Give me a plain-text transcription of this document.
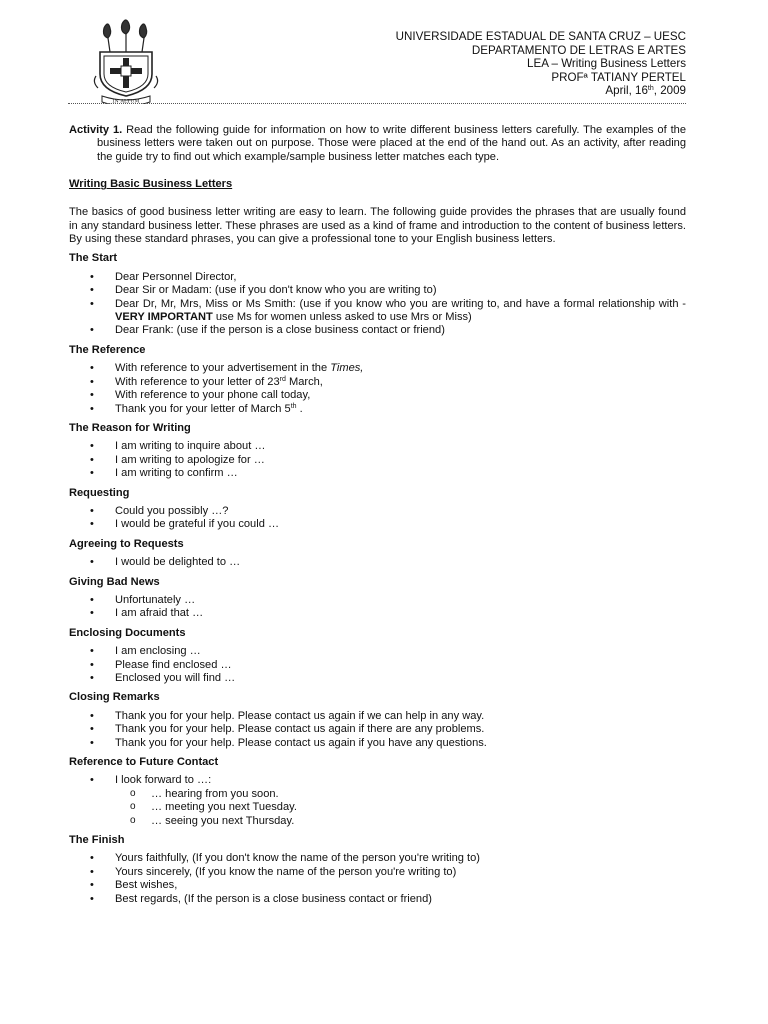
IN ALTUM
UNIVERSIDADE ESTADUAL DE SANTA CRUZ – UESC
DEPARTAMENTO DE LETRAS E ARTES
LEA – Writing Business Letters
PROFª TATIANY PERTEL
April, 16th, 2009

Activity 1. Read the following guide for information on how to write different business letters carefully. The examples of the business letters were taken out on purpose. Those were placed at the end of the hand out. As an activity, after reading the guide try to find out which example/sample business letter matches each type.

Writing Basic Business Letters

The basics of good business letter writing are easy to learn. The following guide provides the phrases that are usually found in any standard business letter. These phrases are used as a kind of frame and introduction to the content of business letters. By using these standard phrases, you can give a professional tone to your English business letters.

The Start
• Dear Personnel Director,
• Dear Sir or Madam: (use if you don't know who you are writing to)
• Dear Dr, Mr, Mrs, Miss or Ms Smith: (use if you know who you are writing to, and have a formal relationship with - VERY IMPORTANT use Ms for women unless asked to use Mrs or Miss)
• Dear Frank: (use if the person is a close business contact or friend)
The Reference
• With reference to your advertisement in the Times,
• With reference to your letter of 23rd March,
• With reference to your phone call today,
• Thank you for your letter of March 5th .
The Reason for Writing
• I am writing to inquire about …
• I am writing to apologize for …
• I am writing to confirm …
Requesting
• Could you possibly …?
• I would be grateful if you could …
Agreeing to Requests
• I would be delighted to …
Giving Bad News
• Unfortunately …
• I am afraid that …
Enclosing Documents
• I am enclosing …
• Please find enclosed …
• Enclosed you will find …
Closing Remarks
• Thank you for your help. Please contact us again if we can help in any way.
• Thank you for your help. Please contact us again if there are any problems.
• Thank you for your help. Please contact us again if you have any questions.
Reference to Future Contact
• I look forward to …:
o … hearing from you soon.
o … meeting you next Tuesday.
o … seeing you next Thursday.
The Finish
• Yours faithfully, (If you don't know the name of the person you're writing to)
• Yours sincerely, (If you know the name of the person you're writing to)
• Best wishes,
• Best regards, (If the person is a close business contact or friend)
